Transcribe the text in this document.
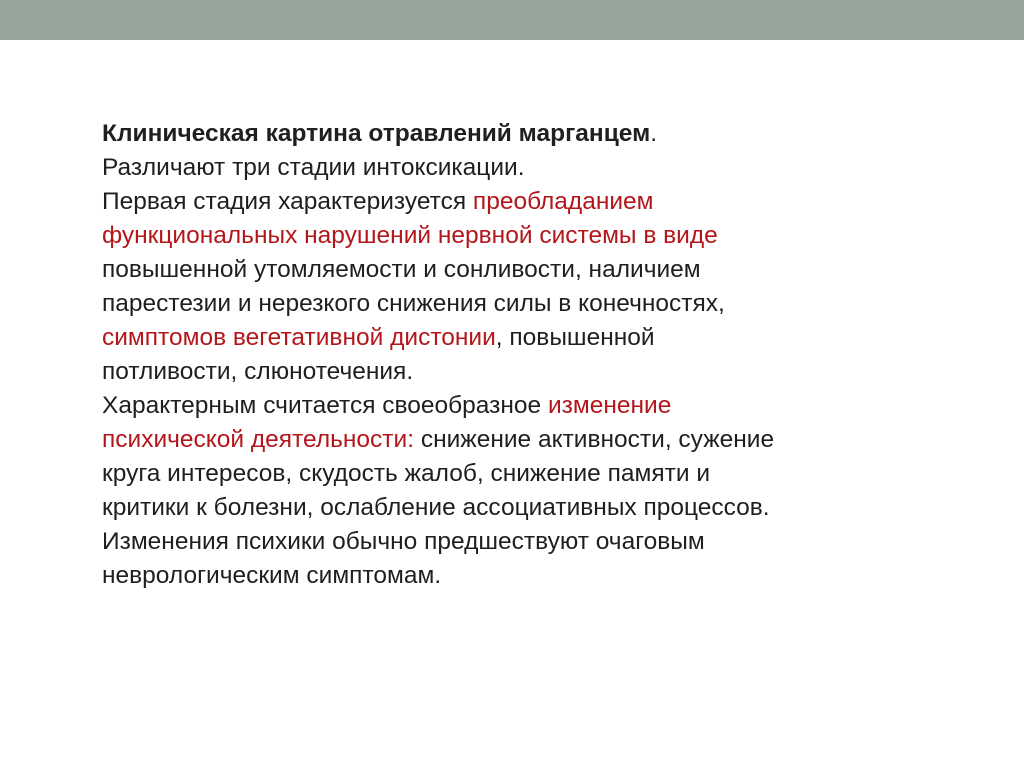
Клиническая картина отравлений марганцем.
Различают три стадии интоксикации.
Первая стадия характеризуется преобладанием
функциональных нарушений нервной системы в виде
повышенной утомляемости и сонливости, наличием
парестезии и нерезкого снижения силы в конечностях,
симптомов вегетативной дистонии, повышенной
потливости, слюнотечения.
Характерным считается своеобразное изменение
психической деятельности: снижение активности, сужение
круга интересов, скудость жалоб, снижение памяти и
критики к болезни, ослабление ассоциативных процессов.
Изменения психики обычно предшествуют очаговым
неврологическим симптомам.
